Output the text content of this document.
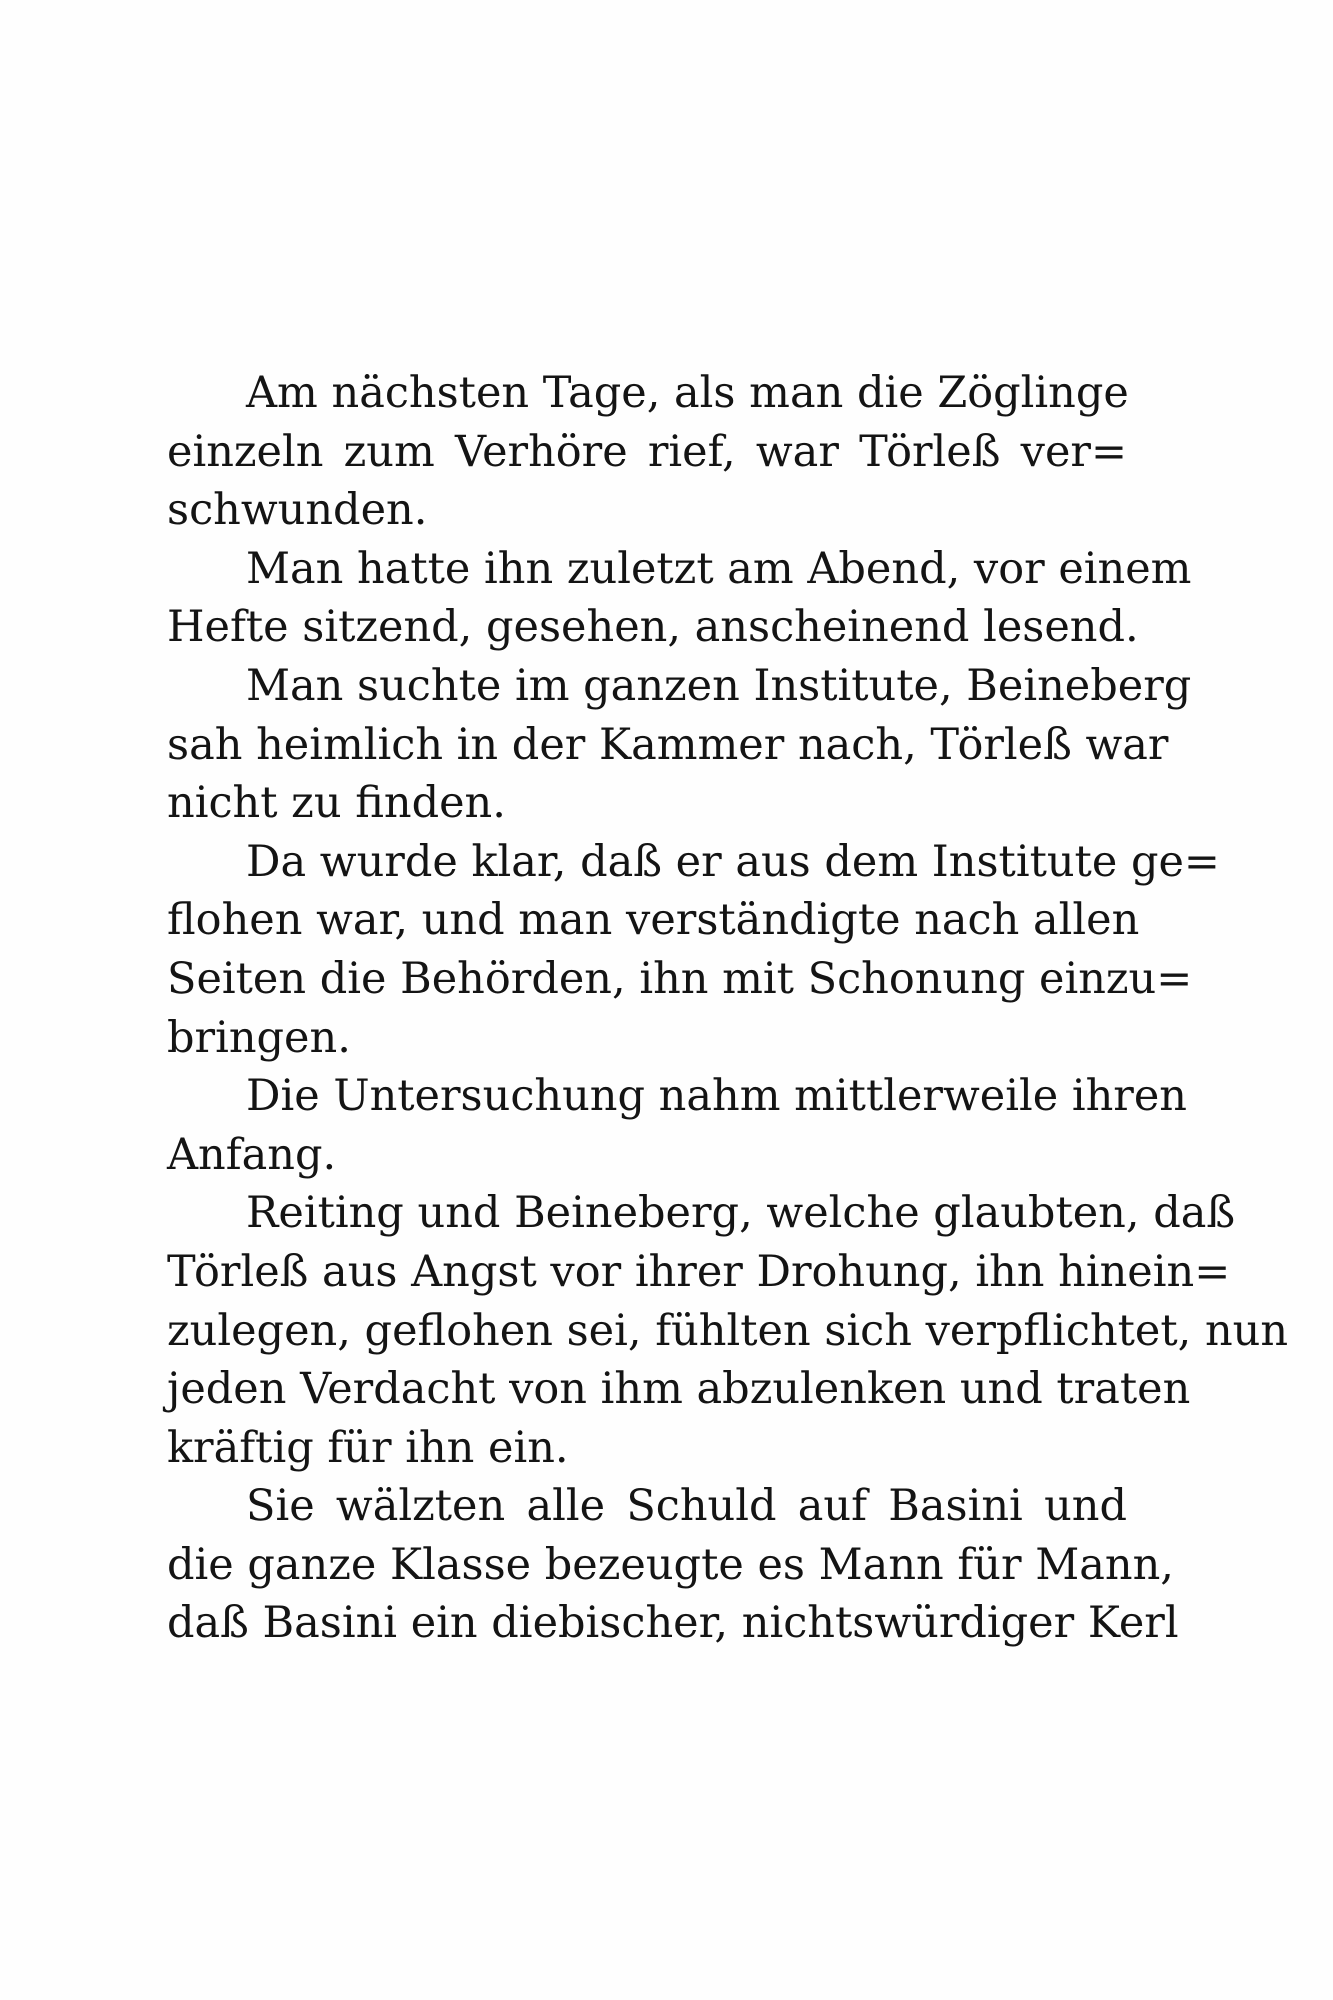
Am nächsten Tage, als man die Zöglinge
einzeln zum Verhöre rief, war Törleß ver=
schwunden.
Man hatte ihn zuletzt am Abend, vor einem
Hefte sitzend, gesehen, anscheinend lesend.
Man suchte im ganzen Institute, Beineberg
sah heimlich in der Kammer nach, Törleß war
nicht zu finden.
Da wurde klar, daß er aus dem Institute ge=
flohen war, und man verständigte nach allen
Seiten die Behörden, ihn mit Schonung einzu=
bringen.
Die Untersuchung nahm mittlerweile ihren
Anfang.
Reiting und Beineberg, welche glaubten, daß
Törleß aus Angst vor ihrer Drohung, ihn hinein=
zulegen, geflohen sei, fühlten sich verpflichtet, nun
jeden Verdacht von ihm abzulenken und traten
kräftig für ihn ein.
Sie wälzten alle Schuld auf Basini und
die ganze Klasse bezeugte es Mann für Mann,
daß Basini ein diebischer, nichtswürdiger Kerl
